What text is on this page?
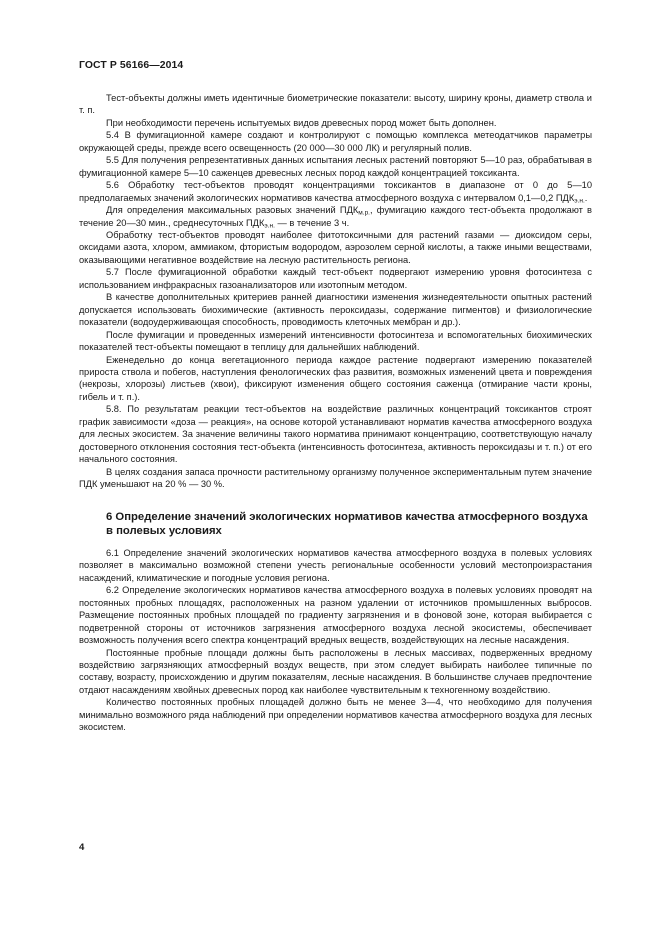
ГОСТ Р 56166—2014

Тест-объекты должны иметь идентичные биометрические показатели: высоту, ширину кроны, диаметр ствола и т. п.

При необходимости перечень испытуемых видов древесных пород может быть дополнен.

5.4 В фумигационной камере создают и контролируют с помощью комплекса метеодатчиков параметры окружающей среды, прежде всего освещенность (20 000—30 000 ЛК) и регулярный полив.

5.5 Для получения репрезентативных данных испытания лесных растений повторяют 5—10 раз, обрабатывая в фумигационной камере 5—10 саженцев древесных лесных пород каждой концентрацией токсиканта.

5.6 Обработку тест-объектов проводят концентрациями токсикантов в диапазоне от 0 до 5—10 предполагаемых значений экологических нормативов качества атмосферного воздуха с интервалом 0,1—0,2 $ПДК_{э.н.}$.

Для определения максимальных разовых значений $ПДК_{м.р.}$, фумигацию каждого тест-объекта продолжают в течение 20—30 мин., среднесуточных $ПДК_{э.н.}$ — в течение 3 ч.

Обработку тест-объектов проводят наиболее фитотоксичными для растений газами — диоксидом серы, оксидами азота, хлором, аммиаком, фтористым водородом, аэрозолем серной кислоты, а также иными веществами, оказывающими негативное воздействие на лесную растительность региона.

5.7 После фумигационной обработки каждый тест-объект подвергают измерению уровня фотосинтеза с использованием инфракрасных газоанализаторов или изотопным методом.

В качестве дополнительных критериев ранней диагностики изменения жизнедеятельности опытных растений допускается использовать биохимические (активность пероксидазы, содержание пигментов) и физиологические показатели (водоудерживающая способность, проводимость клеточных мембран и др.).

После фумигации и проведенных измерений интенсивности фотосинтеза и вспомогательных биохимических показателей тест-объекты помещают в теплицу для дальнейших наблюдений.

Еженедельно до конца вегетационного периода каждое растение подвергают измерению показателей прироста ствола и побегов, наступления фенологических фаз развития, возможных изменений цвета и повреждения (некрозы, хлорозы) листьев (хвои), фиксируют изменения общего состояния саженца (отмирание части кроны, гибель и т. п.).

5.8. По результатам реакции тест-объектов на воздействие различных концентраций токсикантов строят график зависимости «доза — реакция», на основе которой устанавливают норматив качества атмосферного воздуха для лесных экосистем. За значение величины такого норматива принимают концентрацию, соответствующую началу достоверного отклонения состояния тест-объекта (интенсивность фотосинтеза, активность пероксидазы и т. п.) от его начального состояния.

В целях создания запаса прочности растительному организму полученное экспериментальным путем значение ПДК уменьшают на 20 % — 30 %.

6 Определение значений экологических нормативов качества атмосферного воздуха в полевых условиях

6.1 Определение значений экологических нормативов качества атмосферного воздуха в полевых условиях позволяет в максимально возможной степени учесть региональные особенности условий местопроизрастания насаждений, климатические и погодные условия региона.

6.2 Определение экологических нормативов качества атмосферного воздуха в полевых условиях проводят на постоянных пробных площадях, расположенных на разном удалении от источников промышленных выбросов. Размещение постоянных пробных площадей по градиенту загрязнения и в фоновой зоне, которая выбирается с подветренной стороны от источников загрязнения атмосферного воздуха лесной экосистемы, обеспечивает возможность получения всего спектра концентраций вредных веществ, воздействующих на лесные насаждения.

Постоянные пробные площади должны быть расположены в лесных массивах, подверженных вредному воздействию загрязняющих атмосферный воздух веществ, при этом следует выбирать наиболее типичные по составу, возрасту, происхождению и другим показателям, лесные насаждения. В большинстве случаев предпочтение отдают насаждениям хвойных древесных пород как наиболее чувствительным к техногенному воздействию.

Количество постоянных пробных площадей должно быть не менее 3—4, что необходимо для получения минимально возможного ряда наблюдений при определении нормативов качества атмосферного воздуха для лесных экосистем.

4
